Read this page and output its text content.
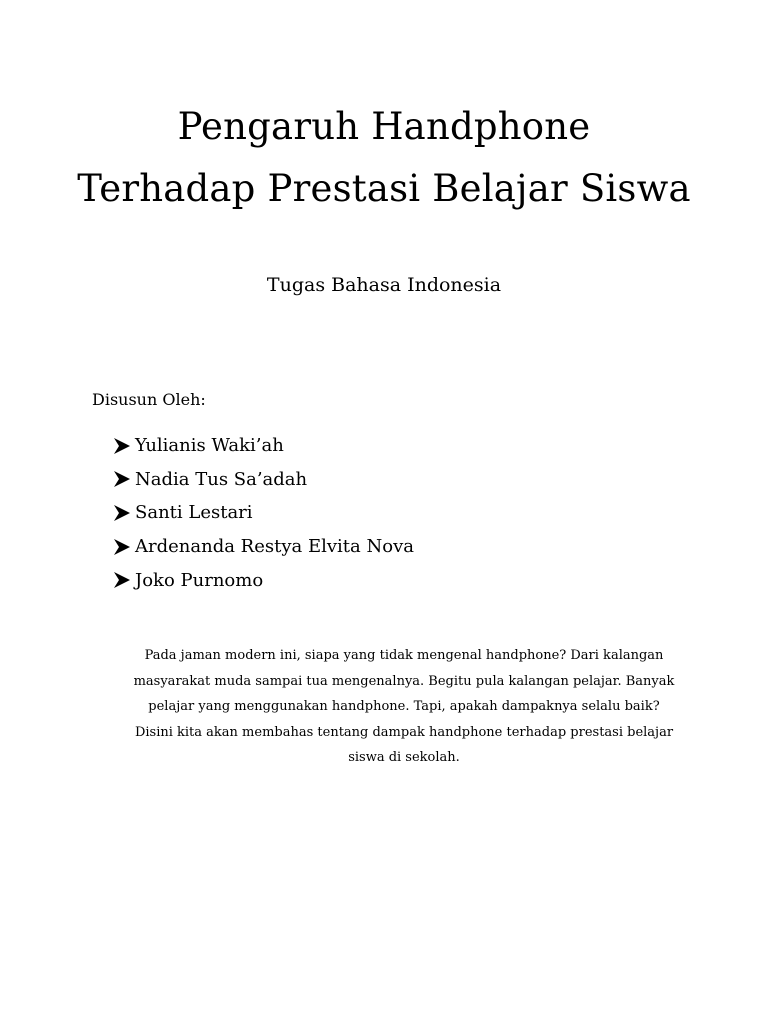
Pengaruh Handphone
Terhadap Prestasi Belajar Siswa
Tugas Bahasa Indonesia
Disusun Oleh:
Yulianis Waki’ah
Nadia Tus Sa’adah
Santi Lestari
Ardenanda Restya Elvita Nova
Joko Purnomo

Pada jaman modern ini, siapa yang tidak mengenal handphone? Dari kalangan masyarakat muda sampai tua mengenalnya. Begitu pula kalangan pelajar. Banyak pelajar yang menggunakan handphone. Tapi, apakah dampaknya selalu baik? Disini kita akan membahas tentang dampak handphone terhadap prestasi belajar siswa di sekolah.
